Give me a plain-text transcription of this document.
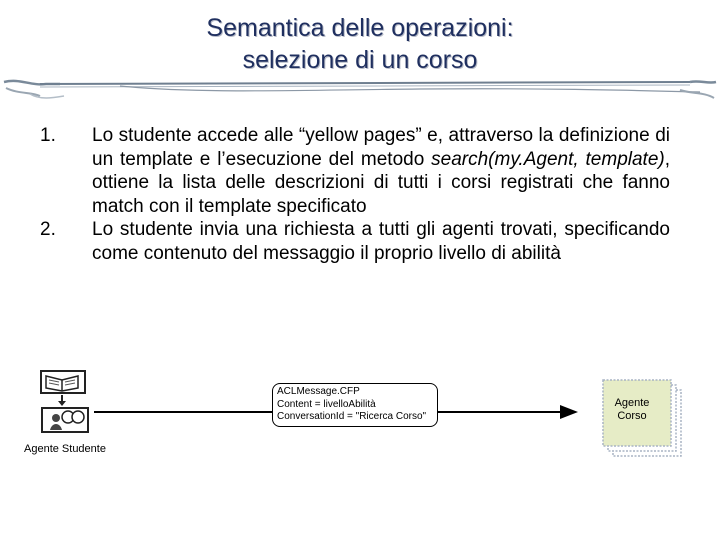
Semantica delle operazioni:
selezione di un corso
1.	Lo studente accede alle “yellow pages” e, attraverso la definizione di un template e l’esecuzione del metodo search(my.Agent, template), ottiene la lista delle descrizioni di tutti i corsi registrati che fanno match con il template specificato
2.	Lo studente invia una richiesta a tutti gli agenti trovati, specificando come contenuto del messaggio il proprio livello di abilità
Agente Studente
ACLMessage.CFP
Content = livelloAbilità
ConversationId = "Ricerca Corso"
Agente
Corso
